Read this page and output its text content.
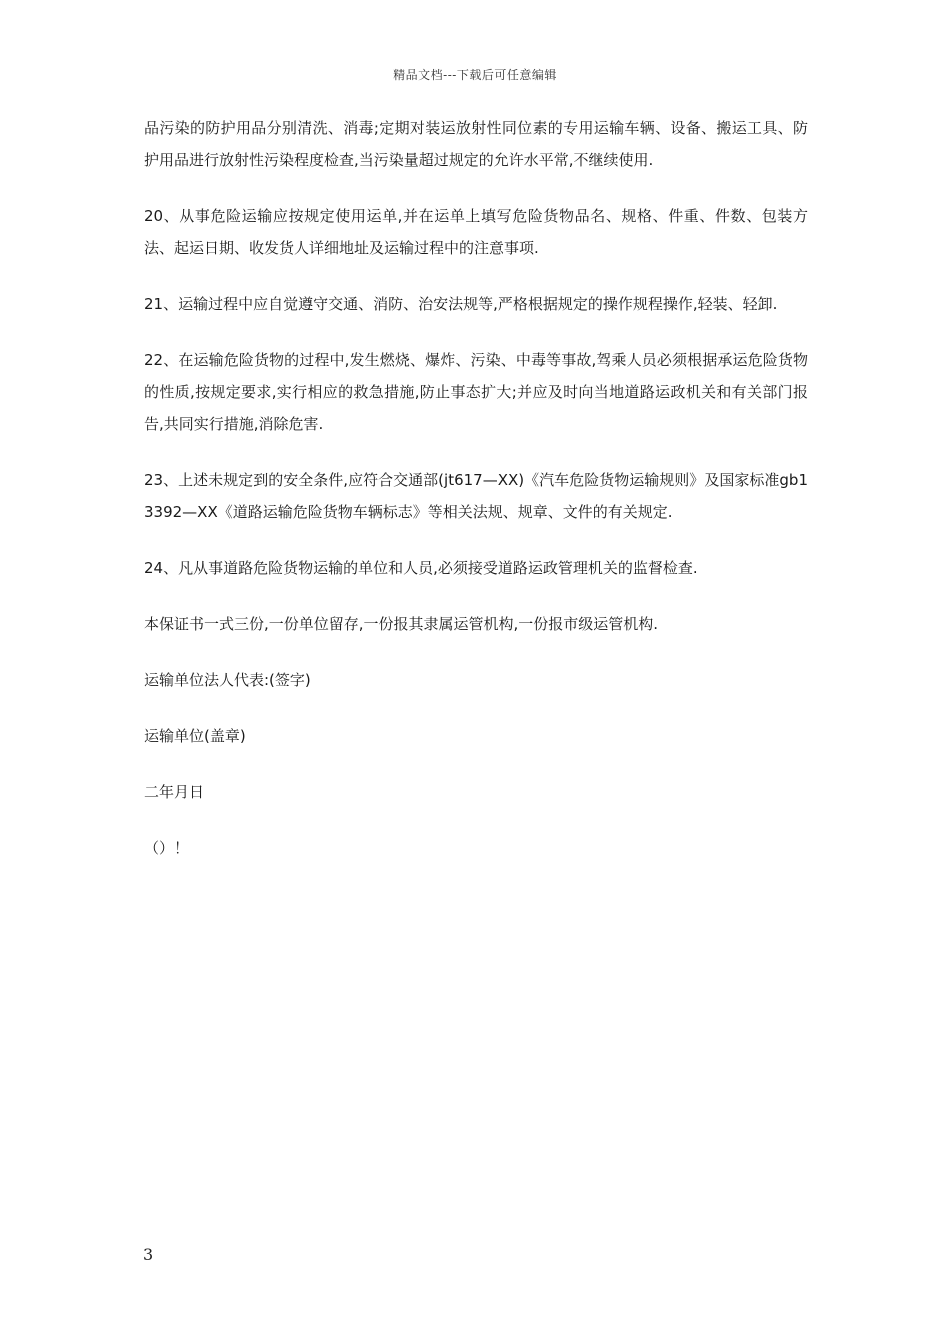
精品文档---下载后可任意编辑

品污染的防护用品分别清洗、消毒;定期对装运放射性同位素的专用运输车辆、设备、搬运工具、防护用品进行放射性污染程度检查,当污染量超过规定的允许水平常,不继续使用.

20、从事危险运输应按规定使用运单,并在运单上填写危险货物品名、规格、件重、件数、包装方法、起运日期、收发货人详细地址及运输过程中的注意事项.

21、运输过程中应自觉遵守交通、消防、治安法规等,严格根据规定的操作规程操作,轻装、轻卸.

22、在运输危险货物的过程中,发生燃烧、爆炸、污染、中毒等事故,驾乘人员必须根据承运危险货物的性质,按规定要求,实行相应的救急措施,防止事态扩大;并应及时向当地道路运政机关和有关部门报告,共同实行措施,消除危害.

23、上述未规定到的安全条件,应符合交通部(jt617—XX)《汽车危险货物运输规则》及国家标准gb13392—XX《道路运输危险货物车辆标志》等相关法规、规章、文件的有关规定.

24、凡从事道路危险货物运输的单位和人员,必须接受道路运政管理机关的监督检查.

本保证书一式三份,一份单位留存,一份报其隶属运管机构,一份报市级运管机构.

运输单位法人代表:(签字)

运输单位(盖章)

二年月日

（）！

3
